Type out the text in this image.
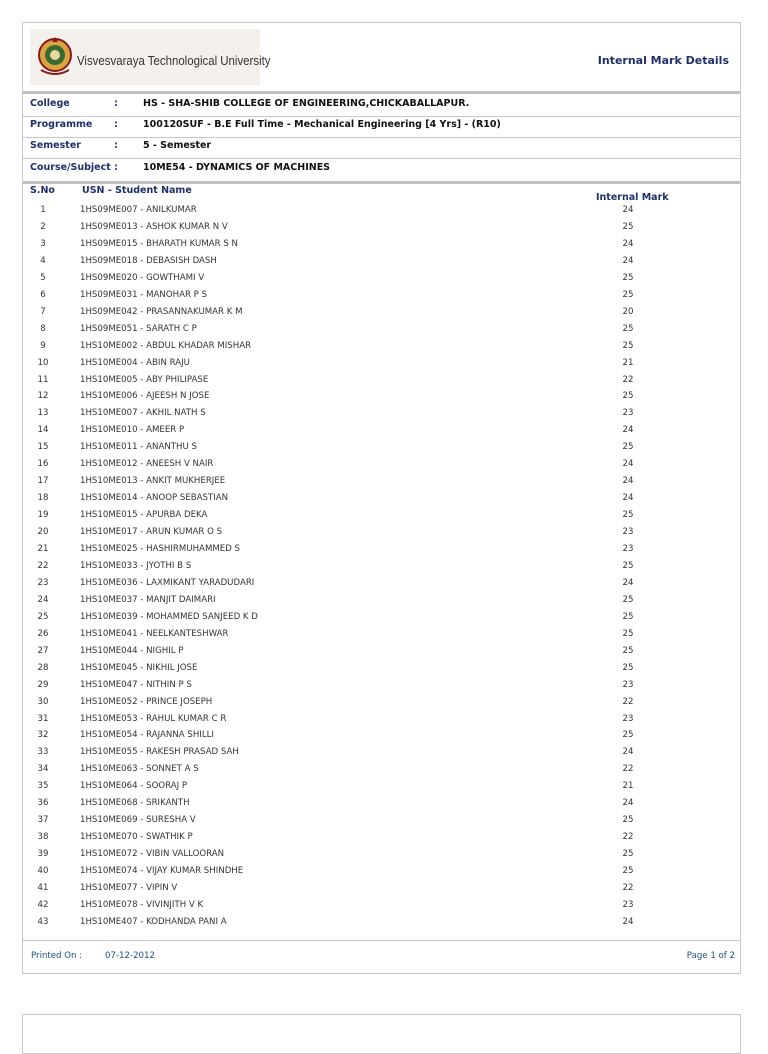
Visvesvaraya Technological University	Internal Mark Details
College	:	HS - SHA-SHIB COLLEGE OF ENGINEERING,CHICKABALLAPUR.
Programme :	100120SUF - B.E Full Time - Mechanical Engineering [4 Yrs] - (R10)
Semester	:	5 - Semester
Course/Subject :	10ME54 - DYNAMICS OF MACHINES
S.No	USN - Student Name
Internal Mark
1	1HS09ME007 - ANILKUMAR	24
2	1HS09ME013 - ASHOK KUMAR N V	25
3	1HS09ME015 - BHARATH KUMAR S N	24
4	1HS09ME018 - DEBASISH DASH	24
5	1HS09ME020 - GOWTHAMI V	25
6	1HS09ME031 - MANOHAR P S	25
7	1HS09ME042 - PRASANNAKUMAR K M	20
8	1HS09ME051 - SARATH C P	25
9	1HS10ME002 - ABDUL KHADAR MISHAR	25
10	1HS10ME004 - ABIN RAJU	21
11	1HS10ME005 - ABY PHILIPASE	22
12	1HS10ME006 - AJEESH N JOSE	25
13	1HS10ME007 - AKHIL NATH S	23
14	1HS10ME010 - AMEER P	24
15	1HS10ME011 - ANANTHU S	25
16	1HS10ME012 - ANEESH V NAIR	24
17	1HS10ME013 - ANKIT MUKHERJEE	24
18	1HS10ME014 - ANOOP SEBASTIAN	24
19	1HS10ME015 - APURBA DEKA	25
20	1HS10ME017 - ARUN KUMAR O S	23
21	1HS10ME025 - HASHIRMUHAMMED S	23
22	1HS10ME033 - JYOTHI B S	25
23	1HS10ME036 - LAXMIKANT YARADUDARI	24
24	1HS10ME037 - MANJIT DAIMARI	25
25	1HS10ME039 - MOHAMMED SANJEED K D	25
26	1HS10ME041 - NEELKANTESHWAR	25
27	1HS10ME044 - NIGHIL P	25
28	1HS10ME045 - NIKHIL JOSE	25
29	1HS10ME047 - NITHIN P S	23
30	1HS10ME052 - PRINCE JOSEPH	22
31	1HS10ME053 - RAHUL KUMAR C R	23
32	1HS10ME054 - RAJANNA SHILLI	25
33	1HS10ME055 - RAKESH PRASAD SAH	24
34	1HS10ME063 - SONNET A S	22
35	1HS10ME064 - SOORAJ P	21
36	1HS10ME068 - SRIKANTH	24
37	1HS10ME069 - SURESHA V	25
38	1HS10ME070 - SWATHIK P	22
39	1HS10ME072 - VIBIN VALLOORAN	25
40	1HS10ME074 - VIJAY KUMAR SHINDHE	25
41	1HS10ME077 - VIPIN V	22
42	1HS10ME078 - VIVINJITH V K	23
43	1HS10ME407 - KODHANDA PANI A	24
Printed On :	07-12-2012	Page 1 of 2
